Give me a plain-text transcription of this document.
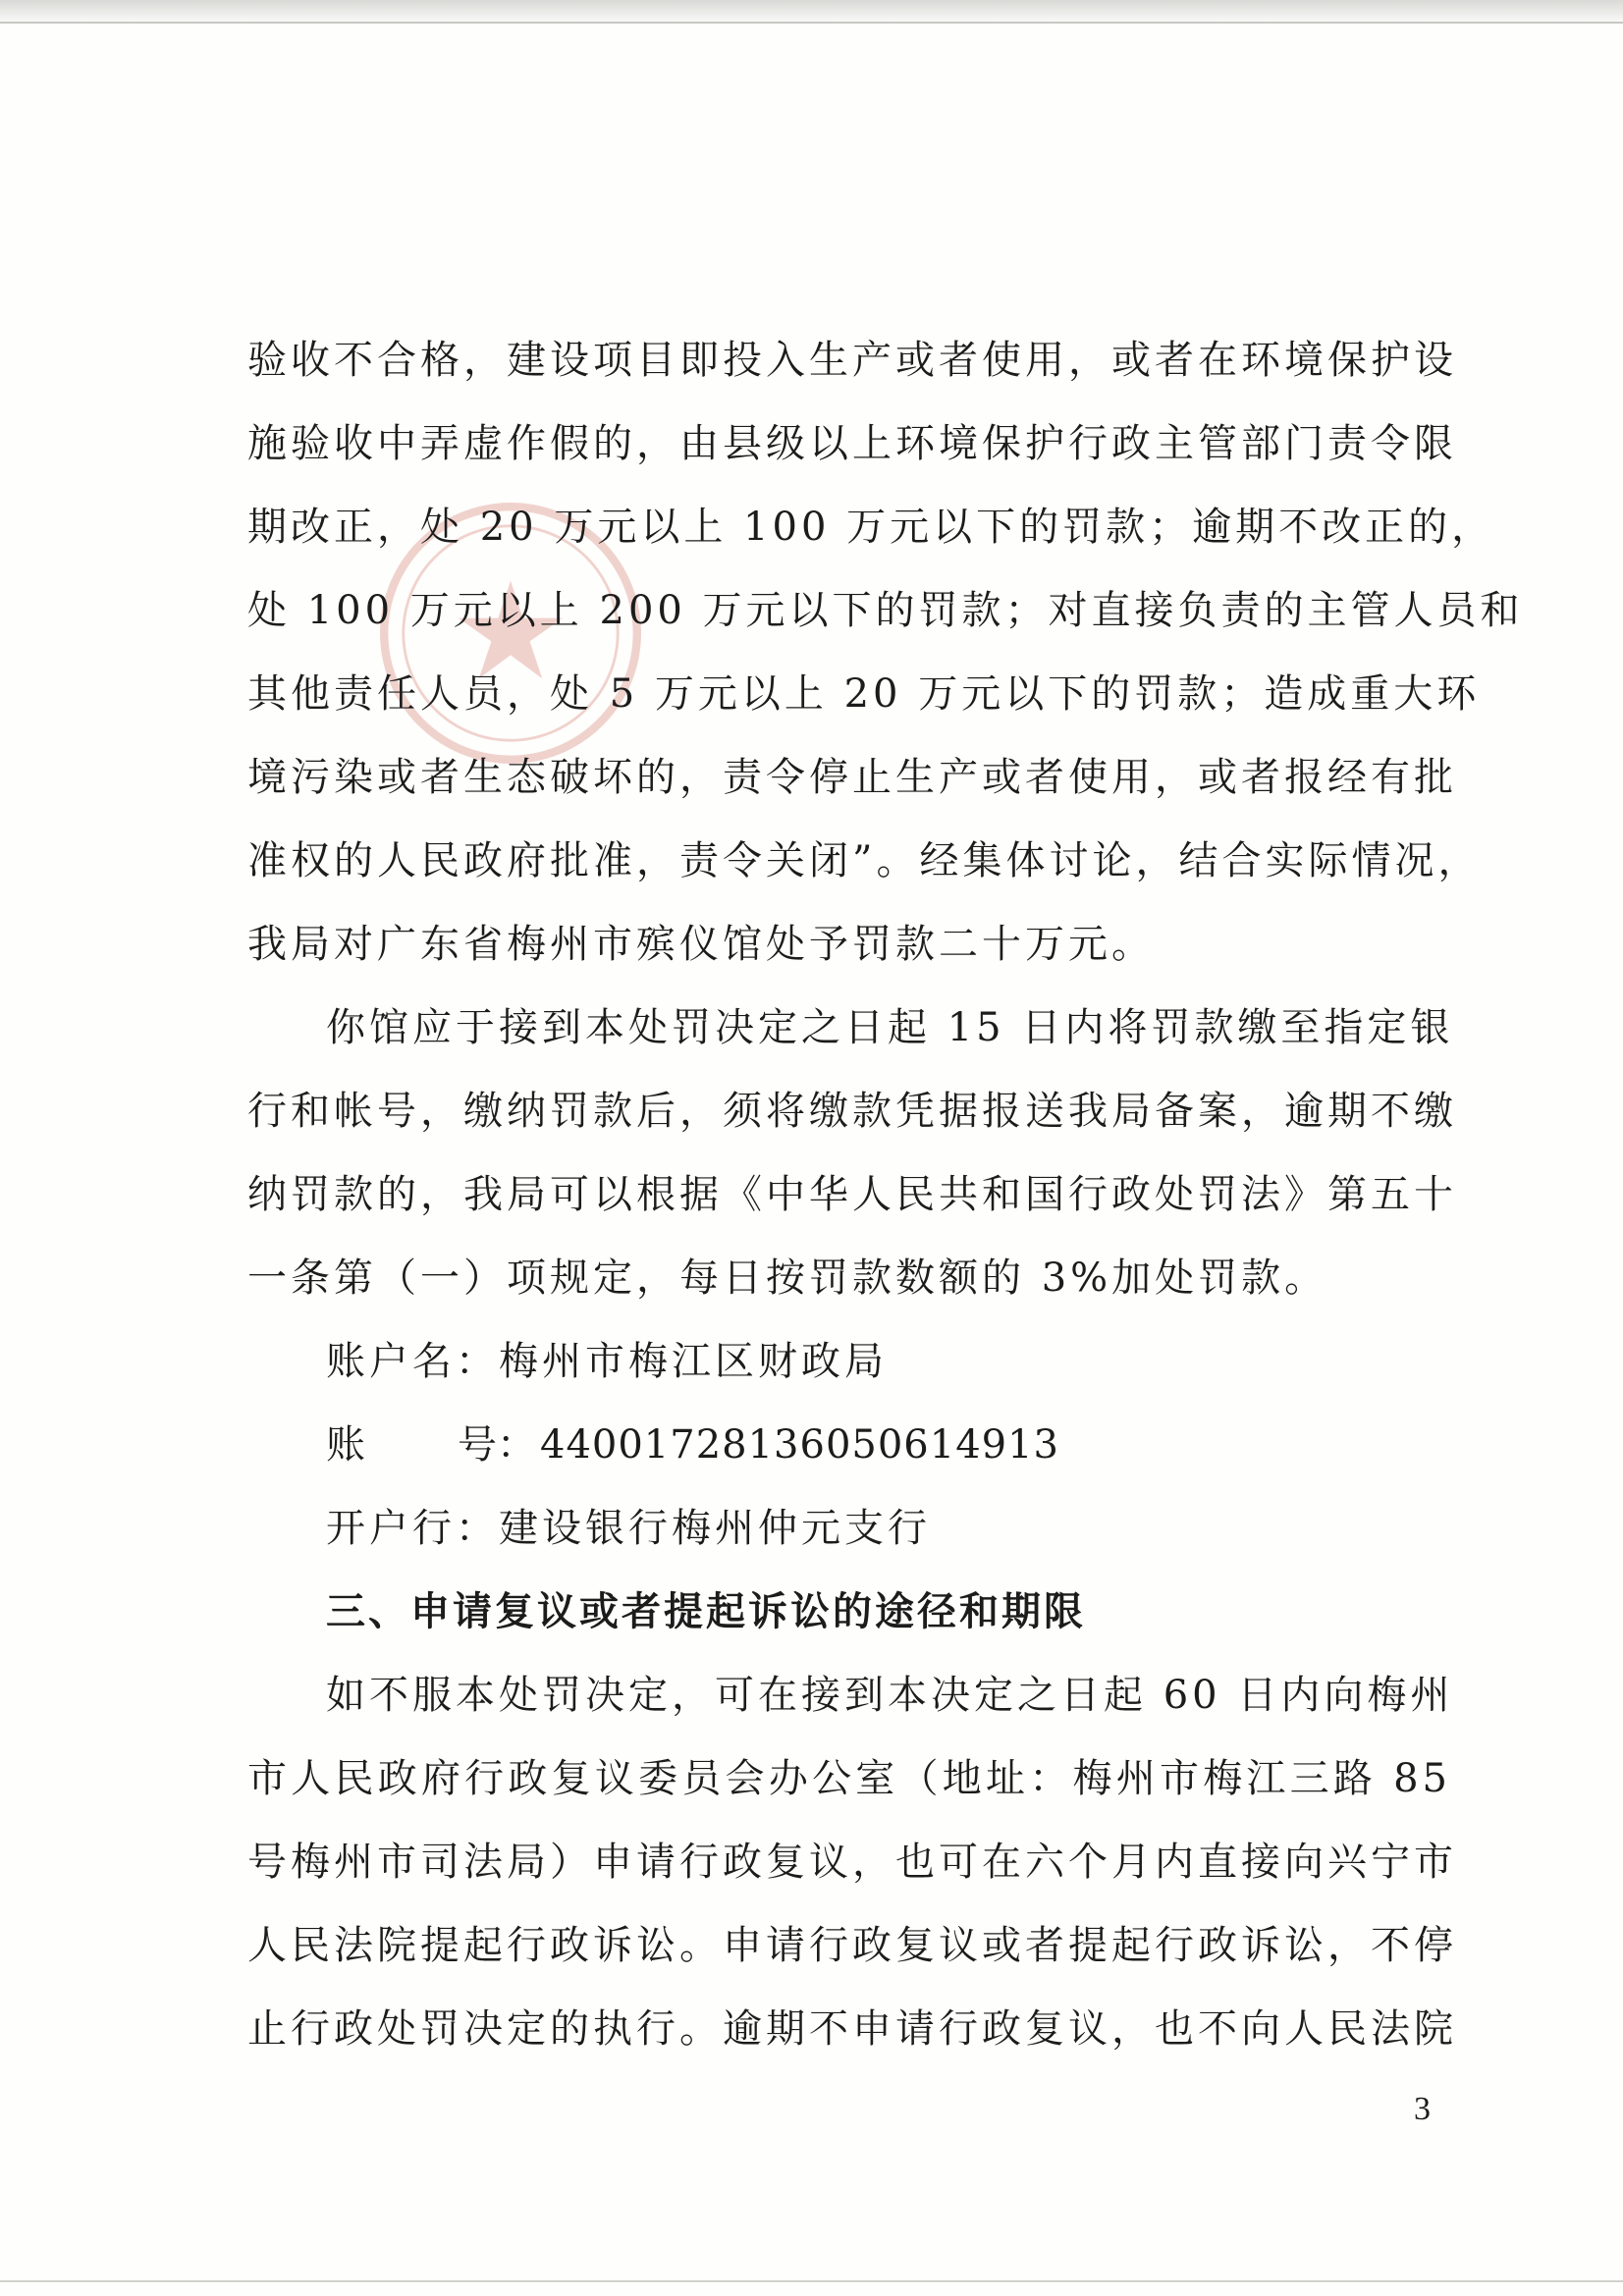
验收不合格，建设项目即投入生产或者使用，或者在环境保护设
施验收中弄虚作假的，由县级以上环境保护行政主管部门责令限
期改正，处 20 万元以上 100 万元以下的罚款；逾期不改正的，
处 100 万元以上 200 万元以下的罚款；对直接负责的主管人员和
其他责任人员，处 5 万元以上 20 万元以下的罚款；造成重大环
境污染或者生态破坏的，责令停止生产或者使用，或者报经有批
准权的人民政府批准，责令关闭”。经集体讨论，结合实际情况，
我局对广东省梅州市殡仪馆处予罚款二十万元。
你馆应于接到本处罚决定之日起 15 日内将罚款缴至指定银
行和帐号，缴纳罚款后，须将缴款凭据报送我局备案，逾期不缴
纳罚款的，我局可以根据《中华人民共和国行政处罚法》第五十
一条第（一）项规定，每日按罚款数额的 3%加处罚款。
账户名： 梅州市梅江区财政局
账 号 ： 44001728136050614913
开户行： 建设银行梅州仲元支行
三、申请复议或者提起诉讼的途径和期限
如不服本处罚决定，可在接到本决定之日起 60 日内向梅州
市人民政府行政复议委员会办公室（地址：梅州市梅江三路 85
号梅州市司法局）申请行政复议，也可在六个月内直接向兴宁市
人民法院提起行政诉讼。申请行政复议或者提起行政诉讼，不停
止行政处罚决定的执行。逾期不申请行政复议，也不向人民法院
3
